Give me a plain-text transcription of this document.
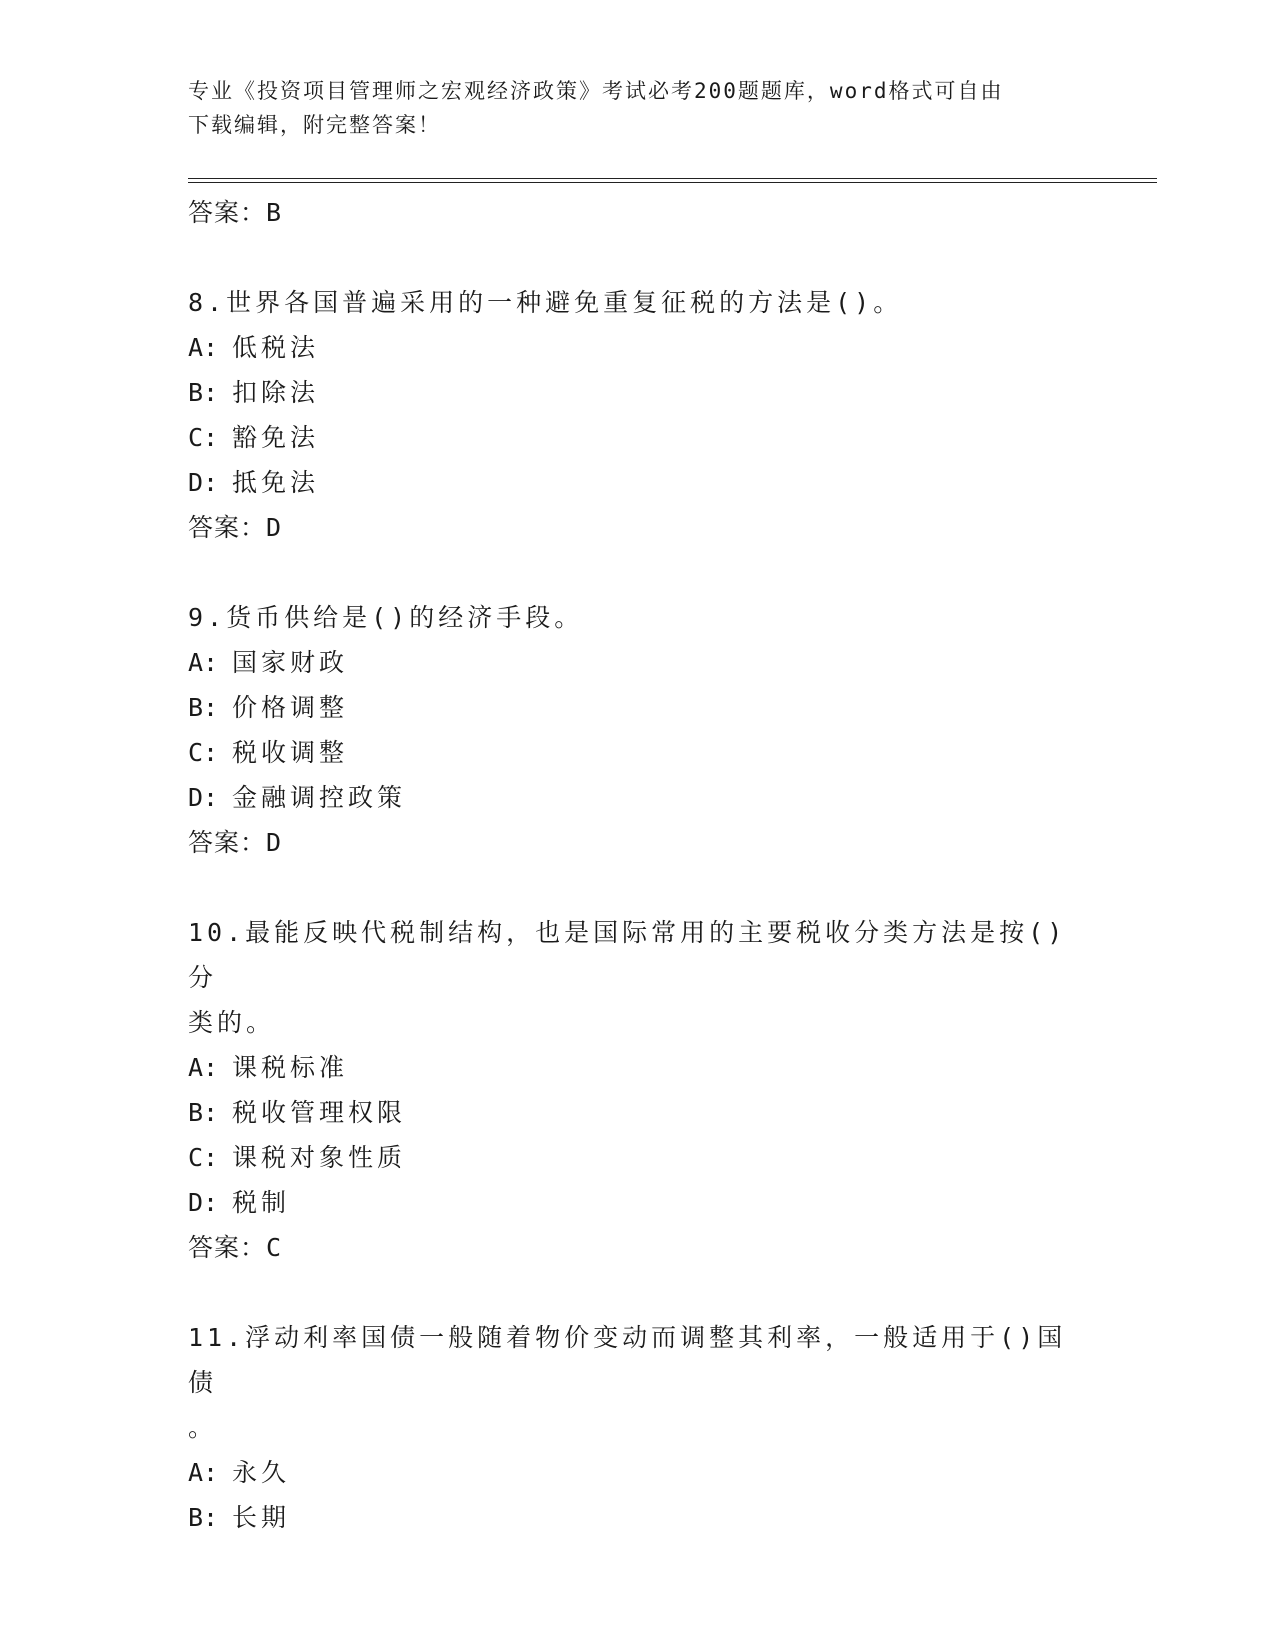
专业《投资项目管理师之宏观经济政策》考试必考200题题库，word格式可自由
下载编辑，附完整答案！
答案：B
8.世界各国普遍采用的一种避免重复征税的方法是()。
A: 低税法
B: 扣除法
C: 豁免法
D: 抵免法
答案：D
9.货币供给是()的经济手段。
A: 国家财政
B: 价格调整
C: 税收调整
D: 金融调控政策
答案：D
10.最能反映代税制结构，也是国际常用的主要税收分类方法是按()分
类的。
A: 课税标准
B: 税收管理权限
C: 课税对象性质
D: 税制
答案：C
11.浮动利率国债一般随着物价变动而调整其利率，一般适用于()国债
。
A: 永久
B: 长期
